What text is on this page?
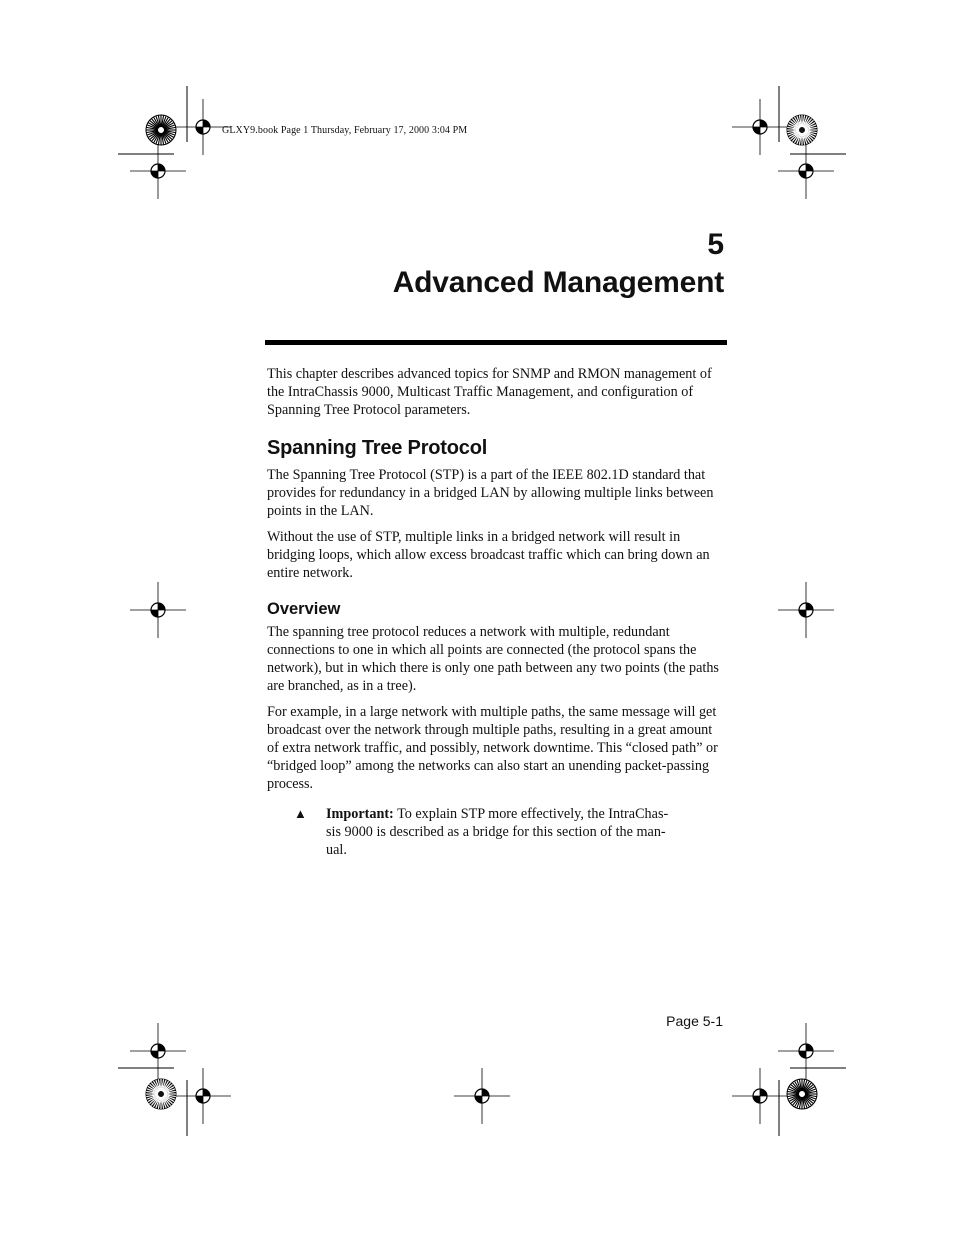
GLXY9.book Page 1 Thursday, February 17, 2000 3:04 PM
5
Advanced Management

This chapter describes advanced topics for SNMP and RMON management of the IntraChassis 9000, Multicast Traffic Management, and configuration of Spanning Tree Protocol parameters.

Spanning Tree Protocol

The Spanning Tree Protocol (STP) is a part of the IEEE 802.1D standard that provides for redundancy in a bridged LAN by allowing multiple links between points in the LAN.

Without the use of STP, multiple links in a bridged network will result in bridging loops, which allow excess broadcast traffic which can bring down an entire network.

Overview

The spanning tree protocol reduces a network with multiple, redundant connections to one in which all points are connected (the protocol spans the network), but in which there is only one path between any two points (the paths are branched, as in a tree).

For example, in a large network with multiple paths, the same message will get broadcast over the network through multiple paths, resulting in a great amount of extra network traffic, and possibly, network downtime. This “closed path” or “bridged loop” among the networks can also start an unending packet-passing process.

▲ Important: To explain STP more effectively, the IntraChas-sis 9000 is described as a bridge for this section of the man-ual.
Page 5-1
